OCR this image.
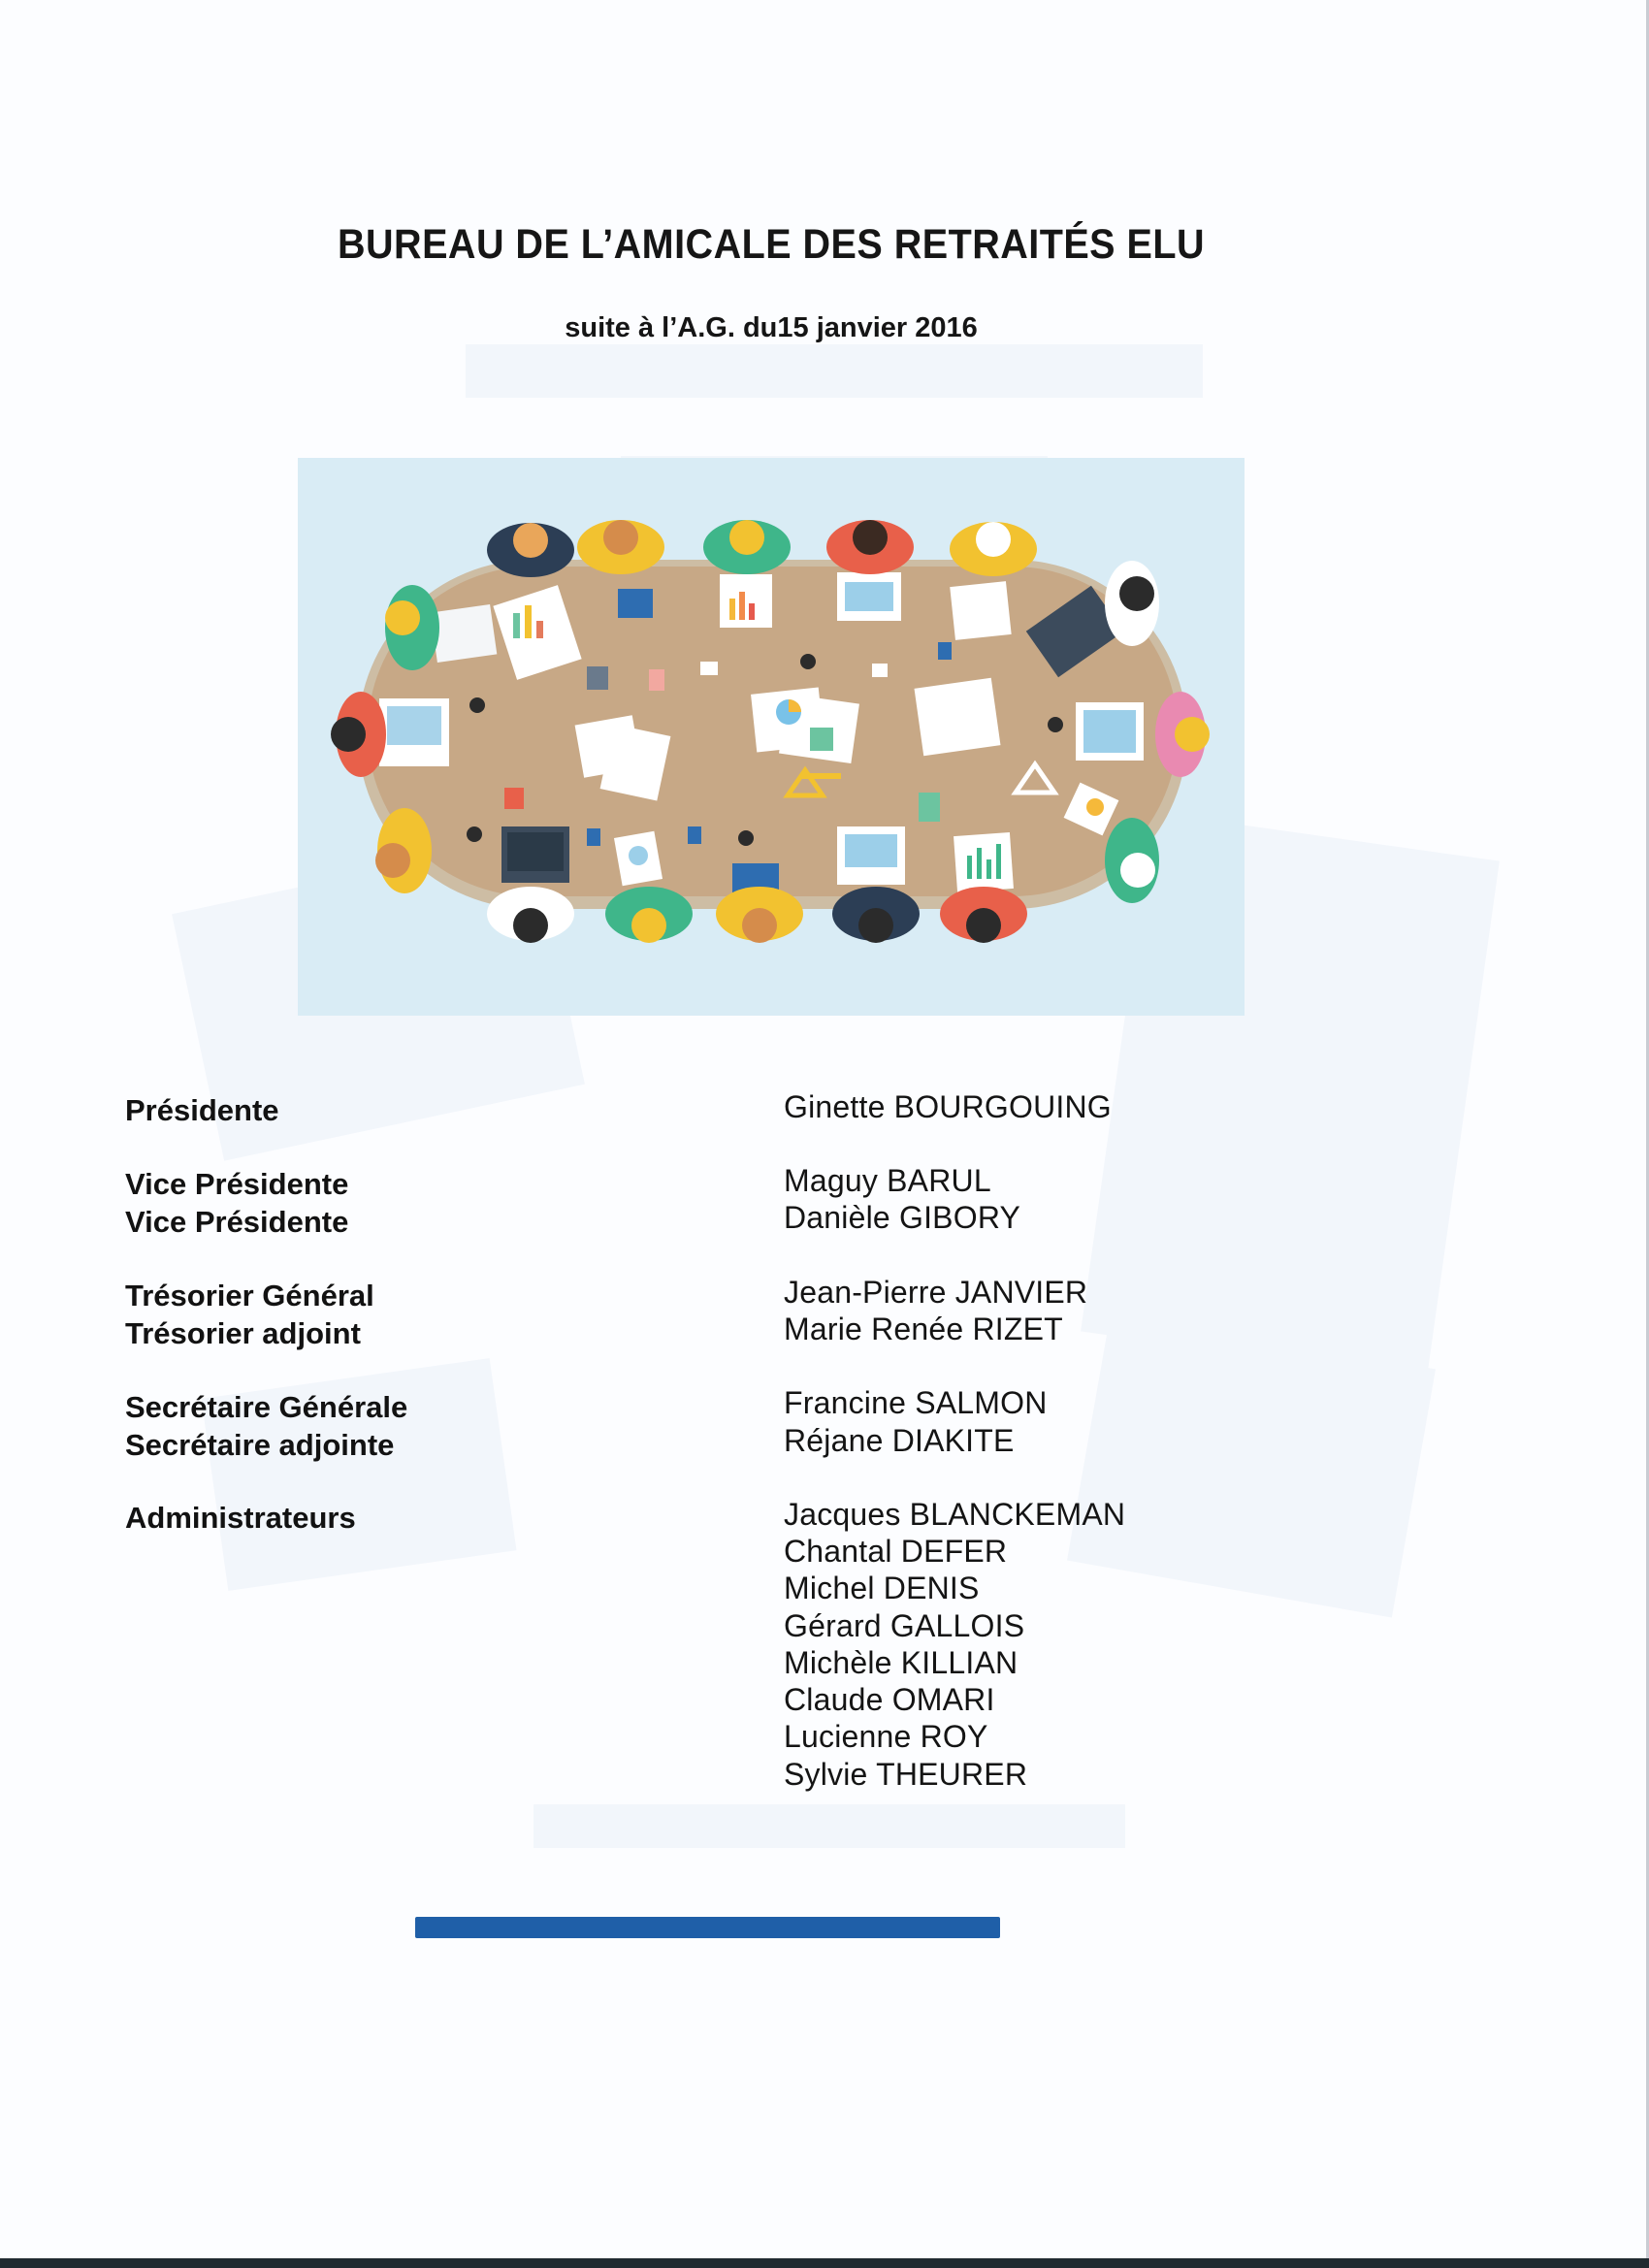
BUREAU DE L’AMICALE DES RETRAITÉS ELU
suite à l’A.G. du15 janvier 2016
Présidente
Vice Présidente
Vice Présidente
Trésorier Général
Trésorier adjoint
Secrétaire Générale
Secrétaire adjointe
Administrateurs
Ginette BOURGOUING
Maguy BARUL
Danièle GIBORY
Jean-Pierre JANVIER
Marie Renée RIZET
Francine SALMON
Réjane DIAKITE
Jacques BLANCKEMAN
Chantal DEFER
Michel DENIS
Gérard GALLOIS
Michèle KILLIAN
Claude OMARI
Lucienne ROY
Sylvie THEURER
